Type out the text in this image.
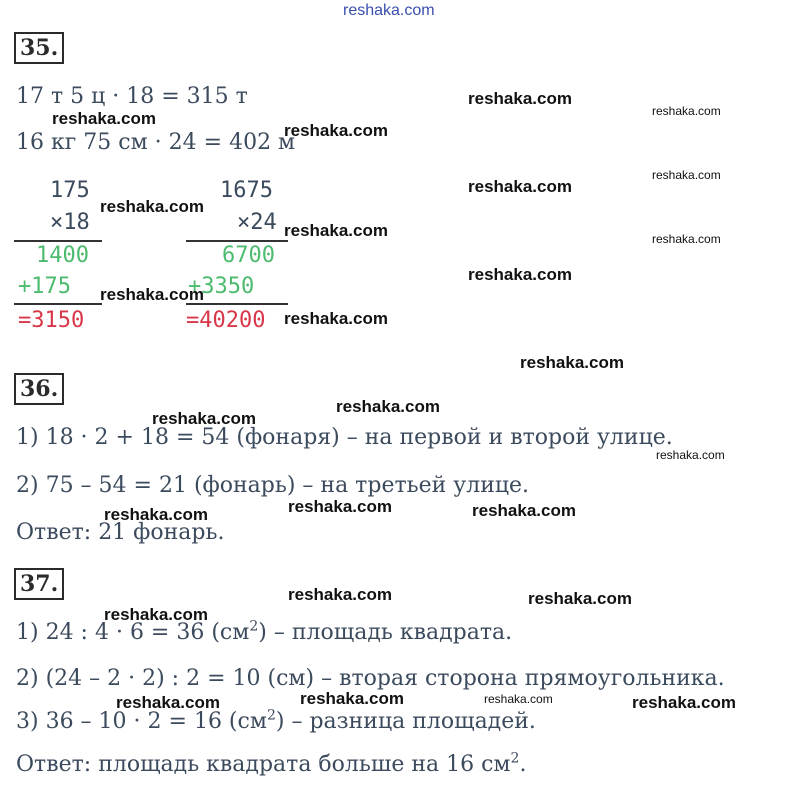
reshaka.com
35.
17 т 5 ц · 18 = 315 т
16 кг 75 см · 24 = 402 м
175
×18
1400
+175
=3150
1675
×24
6700
+3350
=40200
36.
1) 18 · 2 + 18 = 54 (фонаря) – на первой и второй улице.
2) 75 – 54 = 21 (фонарь) – на третьей улице.
Ответ: 21 фонарь.
37.
1) 24 : 4 · 6 = 36 $(см^2)$ – площадь квадрата.
2) (24 – 2 · 2) : 2 = 10 (см) – вторая сторона прямоугольника.
3) 36 – 10 · 2 = 16 $(см^2)$ – разница площадей.
Ответ: площадь квадрата больше на 16 $см^2$.
reshaka.com
reshaka.com
reshaka.com
reshaka.com
reshaka.com
reshaka.com
reshaka.com
reshaka.com	reshaka.com
reshaka.com
reshaka.com
reshaka.com
reshaka.com
reshaka.com
reshaka.com
reshaka.com
reshaka.com	reshaka.com
reshaka.com
reshaka.com	reshaka.com
reshaka.com
reshaka.com	reshaka.com	reshaka.com
reshaka.com
